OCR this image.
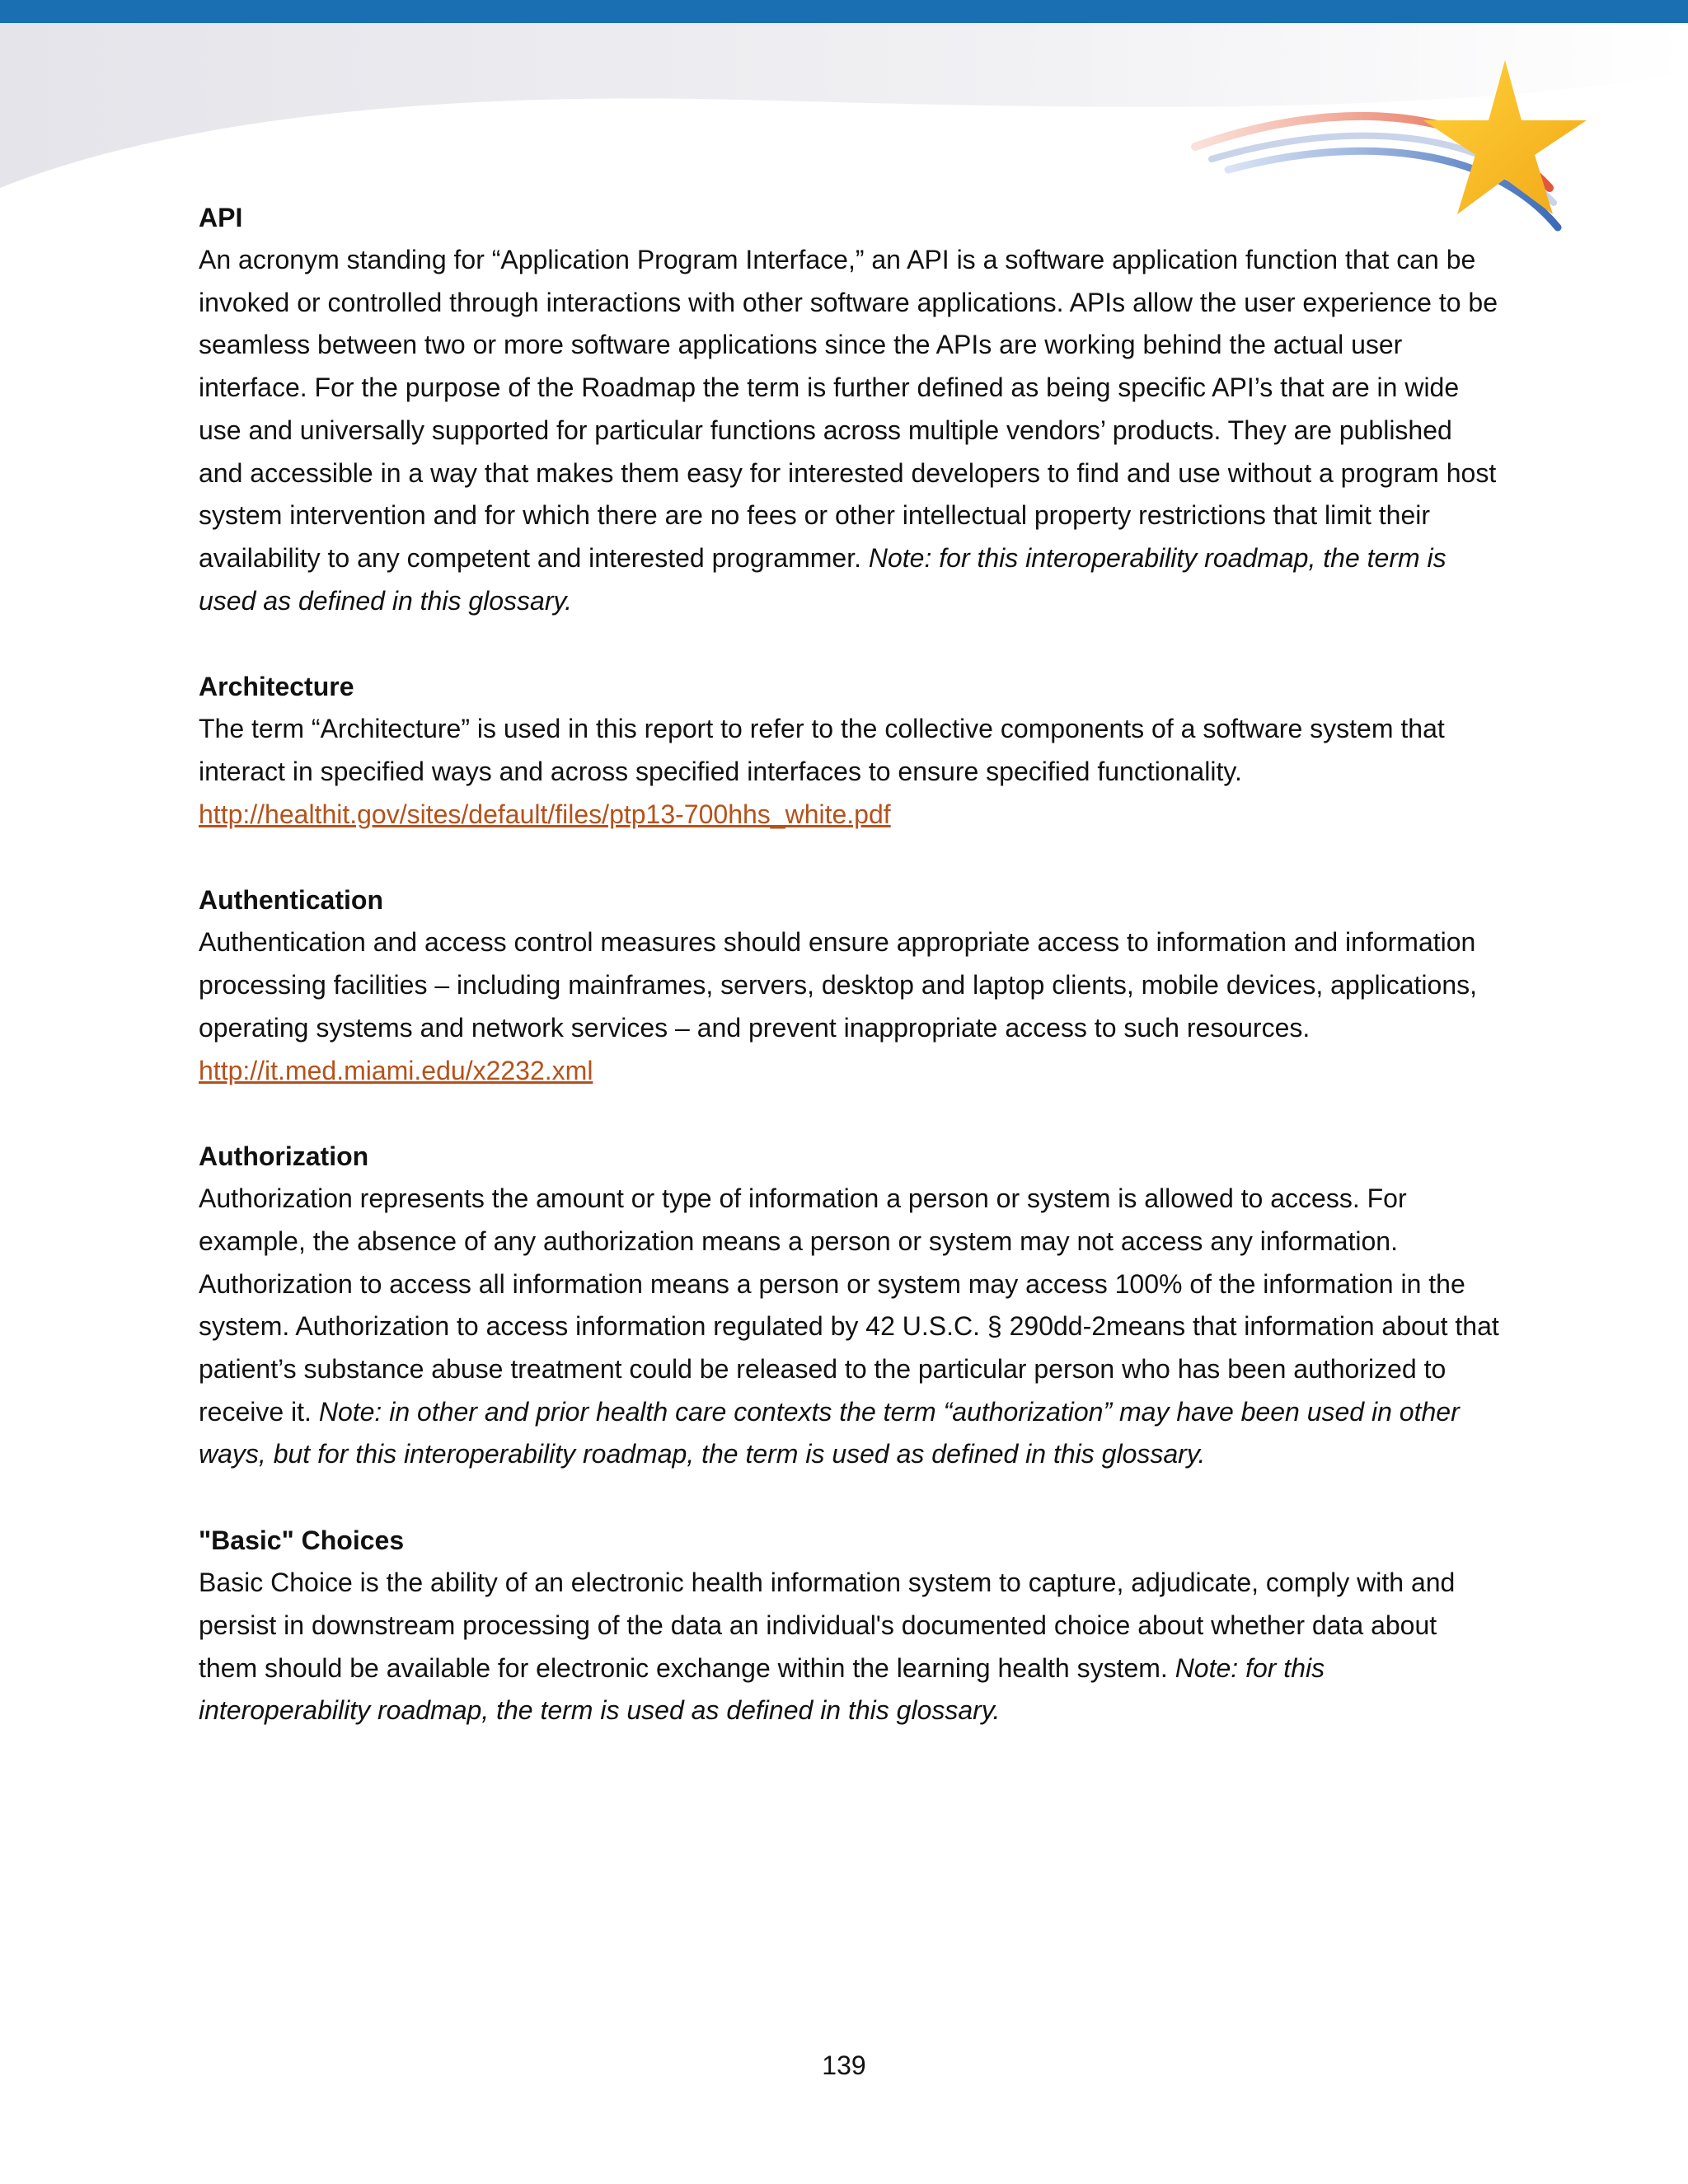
API

An acronym standing for “Application Program Interface,” an API is a software application function that can be invoked or controlled through interactions with other software applications. APIs allow the user experience to be seamless between two or more software applications since the APIs are working behind the actual user interface. For the purpose of the Roadmap the term is further defined as being specific API’s that are in wide use and universally supported for particular functions across multiple vendors’ products. They are published and accessible in a way that makes them easy for interested developers to find and use without a program host system intervention and for which there are no fees or other intellectual property restrictions that limit their availability to any competent and interested programmer. Note: for this interoperability roadmap, the term is used as defined in this glossary.

Architecture

The term “Architecture” is used in this report to refer to the collective components of a software system that interact in specified ways and across specified interfaces to ensure specified functionality.

http://healthit.gov/sites/default/files/ptp13-700hhs_white.pdf

Authentication

Authentication and access control measures should ensure appropriate access to information and information processing facilities – including mainframes, servers, desktop and laptop clients, mobile devices, applications, operating systems and network services – and prevent inappropriate access to such resources.

http://it.med.miami.edu/x2232.xml

Authorization

Authorization represents the amount or type of information a person or system is allowed to access. For example, the absence of any authorization means a person or system may not access any information. Authorization to access all information means a person or system may access 100% of the information in the system. Authorization to access information regulated by 42 U.S.C. § 290dd-2means that information about that patient’s substance abuse treatment could be released to the particular person who has been authorized to receive it. Note: in other and prior health care contexts the term “authorization” may have been used in other ways, but for this interoperability roadmap, the term is used as defined in this glossary.

"Basic" Choices

Basic Choice is the ability of an electronic health information system to capture, adjudicate, comply with and persist in downstream processing of the data an individual's documented choice about whether data about them should be available for electronic exchange within the learning health system. Note: for this interoperability roadmap, the term is used as defined in this glossary.

139
